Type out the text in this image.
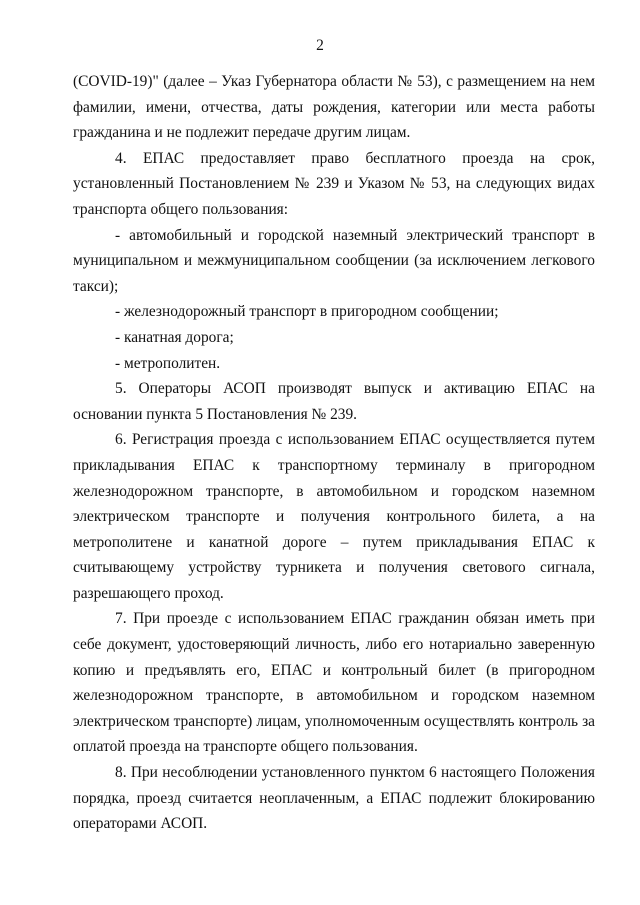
2

(COVID-19)" (далее – Указ Губернатора области № 53), с размещением на нем фамилии, имени, отчества, даты рождения, категории или места работы гражданина и не подлежит передаче другим лицам.

4. ЕПАС предоставляет право бесплатного проезда на срок, установленный Постановлением № 239 и Указом № 53, на следующих видах транспорта общего пользования:

- автомобильный и городской наземный электрический транспорт в муниципальном и межмуниципальном сообщении (за исключением легкового такси);

- железнодорожный транспорт в пригородном сообщении;

- канатная дорога;

- метрополитен.

5. Операторы АСОП производят выпуск и активацию ЕПАС на основании пункта 5 Постановления № 239.

6. Регистрация проезда с использованием ЕПАС осуществляется путем прикладывания ЕПАС к транспортному терминалу в пригородном железнодорожном транспорте, в автомобильном и городском наземном электрическом транспорте и получения контрольного билета, а на метрополитене и канатной дороге – путем прикладывания ЕПАС к считывающему устройству турникета и получения светового сигнала, разрешающего проход.

7. При проезде с использованием ЕПАС гражданин обязан иметь при себе документ, удостоверяющий личность, либо его нотариально заверенную копию и предъявлять его, ЕПАС и контрольный билет (в пригородном железнодорожном транспорте, в автомобильном и городском наземном электрическом транспорте) лицам, уполномоченным осуществлять контроль за оплатой проезда на транспорте общего пользования.

8. При несоблюдении установленного пунктом 6 настоящего Положения порядка, проезд считается неоплаченным, а ЕПАС подлежит блокированию операторами АСОП.
